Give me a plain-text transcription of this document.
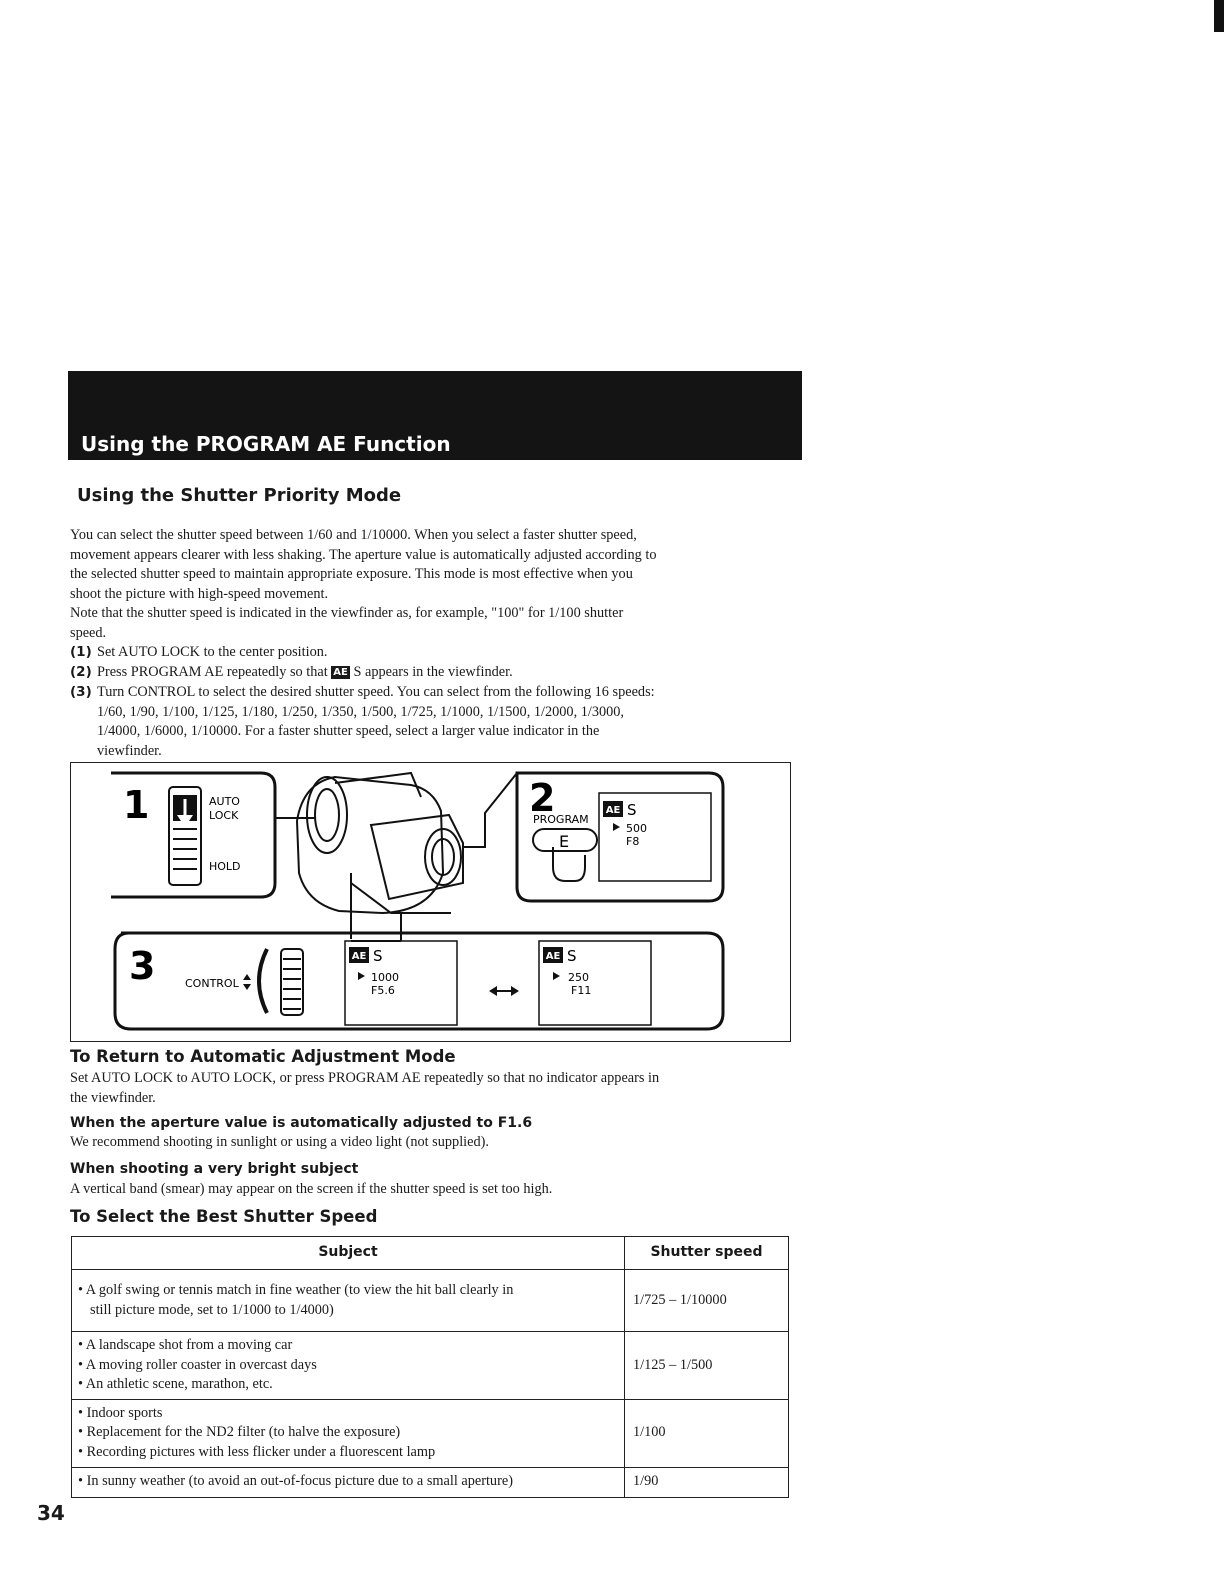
Using the PROGRAM AE Function
Using the Shutter Priority Mode
You can select the shutter speed between 1/60 and 1/10000. When you select a faster shutter speed,
movement appears clearer with less shaking. The aperture value is automatically adjusted according to
the selected shutter speed to maintain appropriate exposure. This mode is most effective when you
shoot the picture with high-speed movement.
Note that the shutter speed is indicated in the viewfinder as, for example, "100" for 1/100 shutter
speed.
(1) Set AUTO LOCK to the center position.
(2) Press PROGRAM AE repeatedly so that AE S appears in the viewfinder.
(3) Turn CONTROL to select the desired shutter speed. You can select from the following 16 speeds:
1/60, 1/90, 1/100, 1/125, 1/180, 1/250, 1/350, 1/500, 1/725, 1/1000, 1/1500, 1/2000, 1/3000,
1/4000, 1/6000, 1/10000. For a faster shutter speed, select a larger value indicator in the
viewfinder.
1	AUTO
LOCK
HOLD
2
PROGRAM
E
AE S
500
F8
3	CONTROL
AE S
1000
F5.6
AE S
250
F11
To Return to Automatic Adjustment Mode
Set AUTO LOCK to AUTO LOCK, or press PROGRAM AE repeatedly so that no indicator appears in
the viewfinder.
When the aperture value is automatically adjusted to F1.6
We recommend shooting in sunlight or using a video light (not supplied).
When shooting a very bright subject
A vertical band (smear) may appear on the screen if the shutter speed is set too high.
To Select the Best Shutter Speed
Subject	Shutter speed

• A golf swing or tennis match in fine weather (to view the hit ball clearly in
still picture mode, set to 1/1000 to 1/4000)	1/725 – 1/10000

• A landscape shot from a moving car
• A moving roller coaster in overcast days
• An athletic scene, marathon, etc.	1/125 – 1/500

• Indoor sports
• Replacement for the ND2 filter (to halve the exposure)
• Recording pictures with less flicker under a fluorescent lamp	1/100

• In sunny weather (to avoid an out-of-focus picture due to a small aperture)	1/90
34
